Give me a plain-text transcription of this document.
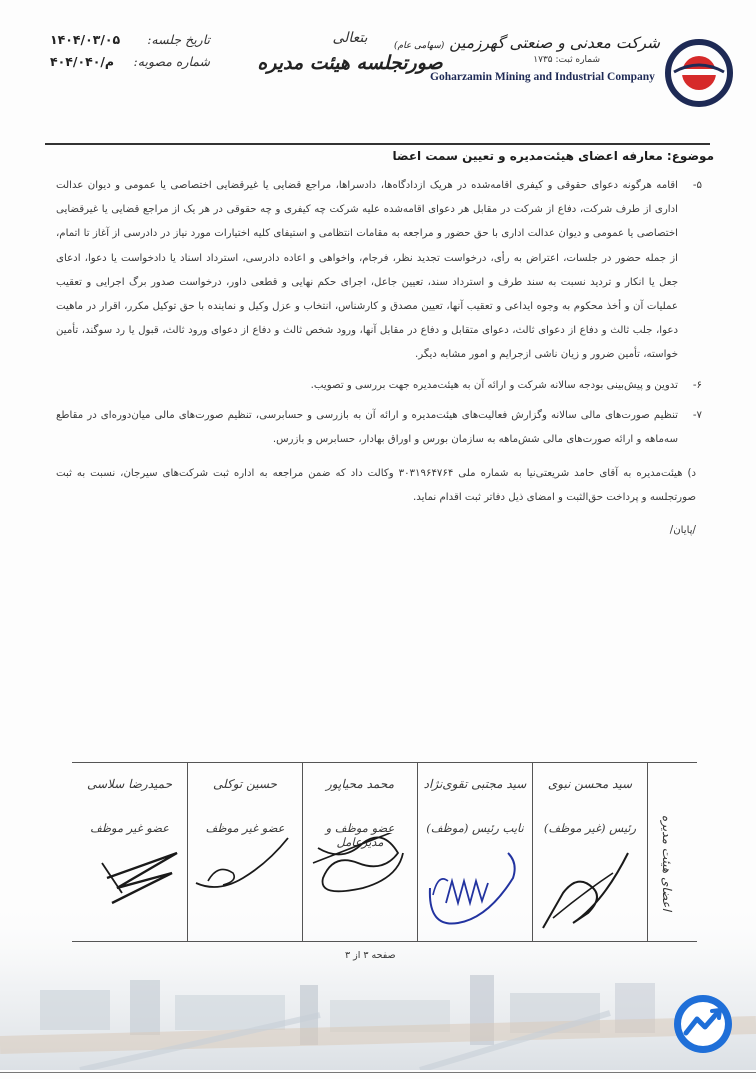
شرکت معدنی و صنعتی گهرزمین (سهامی عام)
شماره ثبت: ۱۷۳۵
Goharzamin Mining and Industrial Company
بتعالی
صورتجلسه هیئت مدیره
تاریخ جلسه:
۱۴۰۴/۰۳/۰۵
شماره مصوبه:
۴۰۴/م/۰۴۰
موضوع: معارفه اعضای هیئت‌مدیره و تعیین سمت اعضا
۵-
اقامه هرگونه دعوای حقوقی و کیفری اقامه‌شده در هریک ازدادگاه‌ها، دادسراها، مراجع قضایی یا غیرقضایی اختصاصی یا عمومی و دیوان عدالت اداری از طرف شرکت، دفاع از شرکت در مقابل هر دعوای اقامه‌شده علیه شرکت چه کیفری و چه حقوقی در هر یک از مراجع قضایی یا غیرقضایی اختصاصی یا عمومی و دیوان عدالت اداری با حق حضور و مراجعه به مقامات انتظامی و استیفای کلیه اختیارات مورد نیاز در دادرسی از آغاز تا اتمام، از جمله حضور در جلسات، اعتراض به رأی، درخواست تجدید نظر، فرجام، واخواهی و اعاده دادرسی، استرداد اسناد یا دادخواست یا دعوا، ادعای جعل یا انکار و تردید نسبت به سند طرف و استرداد سند، تعیین جاعل، اجرای حکم نهایی و قطعی داور، درخواست صدور برگ اجرایی و تعقیب عملیات آن و أخذ محکوم به وجوه ایداعی و تعقیب آنها، تعیین مصدق و کارشناس، انتخاب و عزل وکیل و نماینده با حق توکیل مکرر، اقرار در ماهیت دعوا، جلب ثالث و دفاع از دعوای ثالث، دعوای متقابل و دفاع در مقابل آنها، ورود شخص ثالث و دفاع از دعوای ورود ثالث، قبول یا رد سوگند، تأمین خواسته، تأمین ضرور و زیان ناشی ازجرایم و امور مشابه دیگر.
۶-
تدوین و پیش‌بینی بودجه سالانه شرکت و ارائه آن به هیئت‌مدیره جهت بررسی و تصویب.
۷-
تنظیم صورت‌های مالی سالانه وگزارش فعالیت‌های هیئت‌مدیره و ارائه آن به بازرسی و حسابرسی، تنظیم صورت‌های مالی میان‌دوره‌ای در مقاطع سه‌ماهه و ارائه صورت‌های مالی شش‌ماهه به سازمان بورس و اوراق بهادار، حسابرس و بازرس.
د) هیئت‌مدیره به آقای حامد شریعتی‌نیا به شماره ملی ۳۰۳۱۹۶۴۷۶۴ وکالت داد که ضمن مراجعه به اداره ثبت شرکت‌های سیرجان، نسبت به ثبت صورتجلسه و پرداخت حق‌الثبت و امضای ذیل دفاتر ثبت اقدام نماید.
/پایان/
اعضای هیئت مدیره
سید محسن نبوی
رئیس (غیر موظف)
سید مجتبی تقوی‌نژاد
نایب رئیس (موظف)
محمد محیاپور
عضو موظف و مدیرعامل
حسین توکلی
عضو غیر موظف
حمیدرضا سلاسی
عضو غیر موظف
صفحه ۳ از ۳
